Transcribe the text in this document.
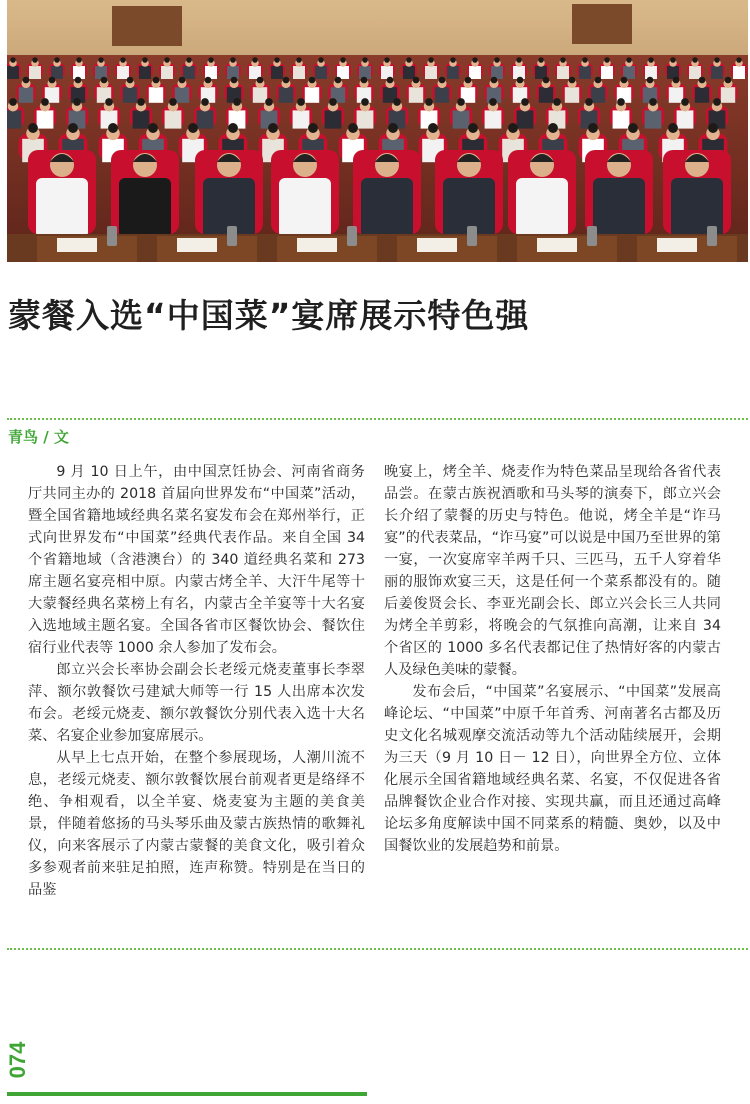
蒙餐入选“中国菜”宴席展示特色强
青鸟 / 文

9 月 10 日上午，由中国烹饪协会、河南省商务厅共同主办的 2018 首届向世界发布“中国菜”活动，暨全国省籍地域经典名菜名宴发布会在郑州举行，正式向世界发布“中国菜”经典代表作品。来自全国 34 个省籍地域（含港澳台）的 340 道经典名菜和 273 席主题名宴亮相中原。内蒙古烤全羊、大汗牛尾等十大蒙餐经典名菜榜上有名，内蒙古全羊宴等十大名宴入选地域主题名宴。全国各省市区餐饮协会、餐饮住宿行业代表等 1000 余人参加了发布会。

郎立兴会长率协会副会长老绥元烧麦董事长李翠萍、额尔敦餐饮弓建斌大师等一行 15 人出席本次发布会。老绥元烧麦、额尔敦餐饮分别代表入选十大名菜、名宴企业参加宴席展示。

从早上七点开始，在整个参展现场，人潮川流不息，老绥元烧麦、额尔敦餐饮展台前观者更是络绎不绝、争相观看，以全羊宴、烧麦宴为主题的美食美景，伴随着悠扬的马头琴乐曲及蒙古族热情的歌舞礼仪，向来客展示了内蒙古蒙餐的美食文化，吸引着众多参观者前来驻足拍照，连声称赞。特别是在当日的品鉴

晚宴上，烤全羊、烧麦作为特色菜品呈现给各省代表品尝。在蒙古族祝酒歌和马头琴的演奏下，郎立兴会长介绍了蒙餐的历史与特色。他说，烤全羊是“诈马宴”的代表菜品，“诈马宴”可以说是中国乃至世界的第一宴，一次宴席宰羊两千只、三匹马，五千人穿着华丽的服饰欢宴三天，这是任何一个菜系都没有的。随后姜俊贤会长、李亚光副会长、郎立兴会长三人共同为烤全羊剪彩，将晚会的气氛推向高潮，让来自 34 个省区的 1000 多名代表都记住了热情好客的内蒙古人及绿色美味的蒙餐。

发布会后，“中国菜”名宴展示、“中国菜”发展高峰论坛、“中国菜”中原千年首秀、河南著名古都及历史文化名城观摩交流活动等九个活动陆续展开，会期为三天（9 月 10 日－ 12 日），向世界全方位、立体化展示全国省籍地域经典名菜、名宴，不仅促进各省品牌餐饮企业合作对接、实现共赢，而且还通过高峰论坛多角度解读中国不同菜系的精髓、奥妙，以及中国餐饮业的发展趋势和前景。

074
